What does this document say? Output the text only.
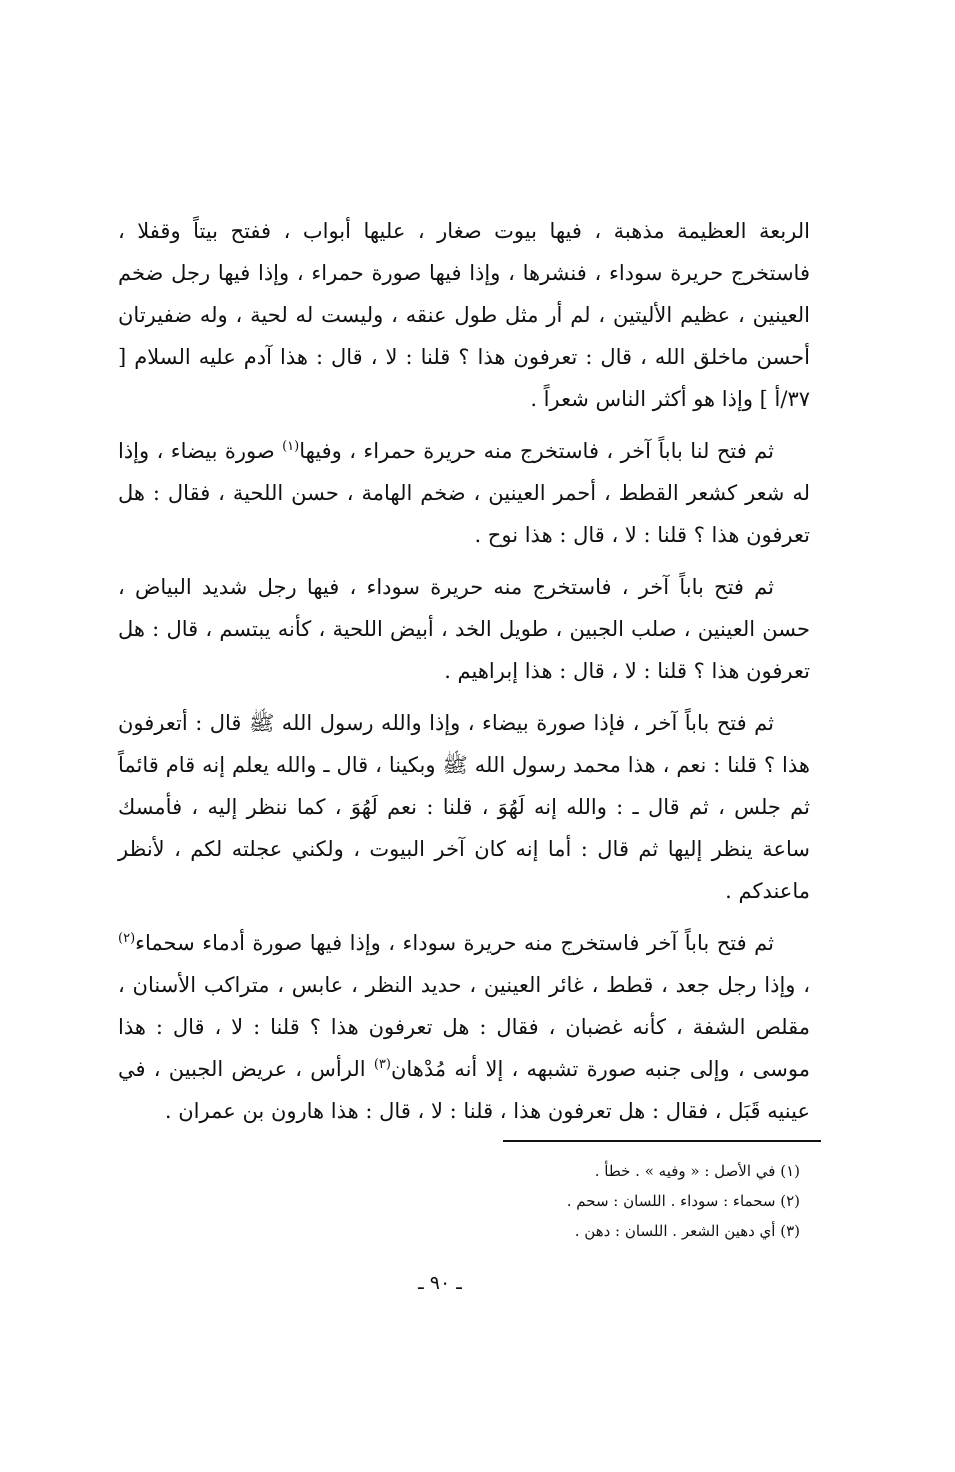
الربعة العظيمة مذهبة ، فيها بيوت صغار ، عليها أبواب ، ففتح بيتاً وقفلا ، فاستخرج حريرة سوداء ، فنشرها ، وإذا فيها صورة حمراء ، وإذا فيها رجل ضخم العينين ، عظيم الأليتين ، لم أر مثل طول عنقه ، وليست له لحية ، وله ضفيرتان أحسن ماخلق الله ، قال : تعرفون هذا ؟ قلنا : لا ، قال : هذا آدم عليه السلام [ ٣٧/أ ] وإذا هو أكثر الناس شعراً .

ثم فتح لنا باباً آخر ، فاستخرج منه حريرة حمراء ، وفيها$^{(١)}$ صورة بيضاء ، وإذا له شعر كشعر القطط ، أحمر العينين ، ضخم الهامة ، حسن اللحية ، فقال : هل تعرفون هذا ؟ قلنا : لا ، قال : هذا نوح .

ثم فتح باباً آخر ، فاستخرج منه حريرة سوداء ، فيها رجل شديد البياض ، حسن العينين ، صلب الجبين ، طويل الخد ، أبيض اللحية ، كأنه يبتسم ، قال : هل تعرفون هذا ؟ قلنا : لا ، قال : هذا إبراهيم .

ثم فتح باباً آخر ، فإذا صورة بيضاء ، وإذا والله رسول الله ﷺ قال : أتعرفون هذا ؟ قلنا : نعم ، هذا محمد رسول الله ﷺ وبكينا ، قال ـ والله يعلم إنه قام قائماً ثم جلس ، ثم قال ـ : والله إنه لَهُوَ ، قلنا : نعم لَهُوَ ، كما ننظر إليه ، فأمسك ساعة ينظر إليها ثم قال : أما إنه كان آخر البيوت ، ولكني عجلته لكم ، لأنظر ماعندكم .

ثم فتح باباً آخر فاستخرج منه حريرة سوداء ، وإذا فيها صورة أدماء سحماء$^{(٢)}$ ، وإذا رجل جعد ، قطط ، غائر العينين ، حديد النظر ، عابس ، متراكب الأسنان ، مقلص الشفة ، كأنه غضبان ، فقال : هل تعرفون هذا ؟ قلنا : لا ، قال : هذا موسى ، وإلى جنبه صورة تشبهه ، إلا أنه مُدْهان$^{(٣)}$ الرأس ، عريض الجبين ، في عينيه قَبَل ، فقال : هل تعرفون هذا ، قلنا : لا ، قال : هذا هارون بن عمران .

(١) في الأصل : « وفيه » . خطأ .

(٢) سحماء : سوداء . اللسان : سحم .

(٣) أي دهين الشعر . اللسان : دهن .

ـ ٩٠ ـ
